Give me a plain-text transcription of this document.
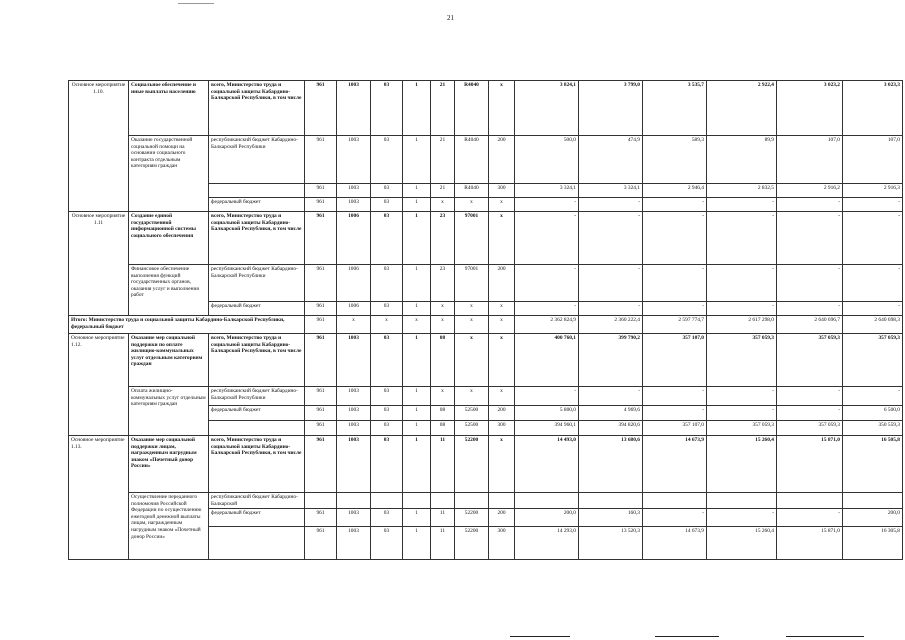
21
Основное мероприятие 1.10.	Социальное обеспечение и иные выплаты населению	всего, Министерство труда и социальной защиты Кабардино-Балкарской Республики, в том числе	961	1003	03	1	21	R4040	х	3 824,1	3 799,0	3 535,7	2 922,4	3 023,2	3 023,3
	Оказание государственной социальной помощи на основании социального контракта отдельным категориям граждан	республиканский бюджет Кабардино-Балкарской Республики	961	1003	03	1	21	R4040	200	500,0	474,9	589,3	89,9	107,0	107,0
			961	1003	03	1	21	R4040	300	3 324,1	3 324,1	2 946,4	2 832,5	2 916,2	2 916,3
		федеральный бюджет	961	1003	03	1	х	х	х	-	-	-	-	-	-
Основное мероприятие 1.11	Создание единой государственной информационной системы социального обеспечения	всего, Министерство труда и социальной защиты Кабардино-Балкарской Республики, в том числе	961	1006	03	1	23	97001	х	-	-	-	-	-	-
	Финансовое обеспечение выполнения функций государственных органов, оказания услуг и выполнения работ	республиканский бюджет Кабардино-Балкарской Республики	961	1006	03	1	23	97001	200	-	-	-	-	-	-
		федеральный бюджет	961	1006	03	1	х	х	х	-	-	-	-	-	-
Итого: Министерство труда и социальной защиты Кабардино-Балкарской Республики, федеральный бюджет			961	х	х	х	х	х	х	2 362 824,9	2 360 222,4	2 597 774,7	2 617 298,0	2 640 696,7	2 640 698,3
Основное мероприятие 1.12.	Оказание мер социальной поддержки по оплате жилищно-коммунальных услуг отдельным категориям граждан	всего, Министерство труда и социальной защиты Кабардино-Балкарской Республики, в том числе	961	1003	03	1	08	х	х	400 760,1	399 790,2	357 107,0	357 059,3	357 059,3	357 059,3
	Оплата жилищно-коммунальных услуг отдельным категориям граждан	республиканский бюджет Кабардино-Балкарской Республики	961	1003	03	1	х	х	х	-	-	-	-	-	-
		федеральный бюджет	961	1003	03	1	08	52500	200	5 800,0	4 969,6	-	-	-	6 500,0
			961	1003	03	1	08	52500	300	394 960,1	394 820,6	357 107,0	357 059,3	357 059,3	350 559,3
Основное мероприятие 1.13.	Оказание мер социальной поддержки лицам, награжденным нагрудным знаком «Почетный донор России»	всего, Министерство труда и социальной защиты Кабардино-Балкарской Республики, в том числе	961	1003	03	1	11	52200	х	14 493,0	13 680,6	14 673,9	15 260,4	15 871,0	16 505,8
	Осуществление переданного полномочия Российской Федерации по осуществлению ежегодной денежной выплаты лицам, награжденным нагрудным знаком «Почетный донор России»	республиканский бюджет Кабардино-Балкарской													
		федеральный бюджет	961	1003	03	1	11	52200	200	200,0	160,3	-	-	-	200,0
			961	1003	03	1	11	52200	300	14 293,0	13 520,3	14 673,9	15 260,4	15 871,0	16 305,8
